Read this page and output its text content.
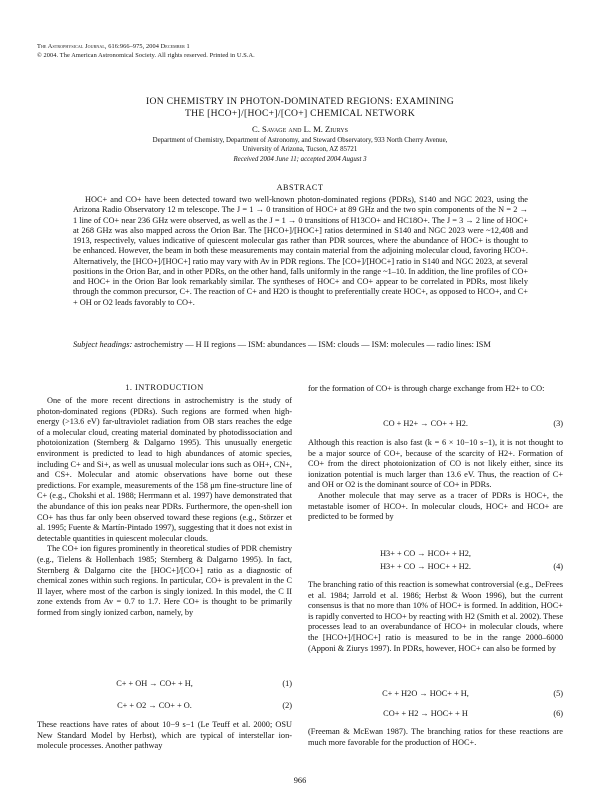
The Astrophysical Journal, 616:966–975, 2004 December 1
© 2004. The American Astronomical Society. All rights reserved. Printed in U.S.A.
ION CHEMISTRY IN PHOTON-DOMINATED REGIONS: EXAMINING
THE [HCO+]/[HOC+]/[CO+] CHEMICAL NETWORK
C. Savage and L. M. Ziurys
Department of Chemistry, Department of Astronomy, and Steward Observatory, 933 North Cherry Avenue,
University of Arizona, Tucson, AZ 85721
Received 2004 June 11; accepted 2004 August 3
ABSTRACT
HOC+ and CO+ have been detected toward two well-known photon-dominated regions (PDRs), S140 and NGC 2023, using the Arizona Radio Observatory 12 m telescope. The J = 1 → 0 transition of HOC+ at 89 GHz and the two spin components of the N = 2 → 1 line of CO+ near 236 GHz were observed, as well as the J = 1 → 0 transitions of H13CO+ and HC18O+. The J = 3 → 2 line of HOC+ at 268 GHz was also mapped across the Orion Bar. The [HCO+]/[HOC+] ratios determined in S140 and NGC 2023 were ~12,408 and 1913, respectively, values indicative of quiescent molecular gas rather than PDR sources, where the abundance of HOC+ is thought to be enhanced. However, the beam in both these measurements may contain material from the adjoining molecular cloud, favoring HCO+. Alternatively, the [HCO+]/[HOC+] ratio may vary with Av in PDR regions. The [CO+]/[HOC+] ratio in S140 and NGC 2023, at several positions in the Orion Bar, and in other PDRs, on the other hand, falls uniformly in the range ~1–10. In addition, the line profiles of CO+ and HOC+ in the Orion Bar look remarkably similar. The syntheses of HOC+ and CO+ appear to be correlated in PDRs, most likely through the common precursor, C+. The reaction of C+ and H2O is thought to preferentially create HOC+, as opposed to HCO+, and C+ + OH or O2 leads favorably to CO+.
Subject headings: astrochemistry — H II regions — ISM: abundances — ISM: clouds — ISM: molecules — radio lines: ISM
1. INTRODUCTION

One of the more recent directions in astrochemistry is the study of photon-dominated regions (PDRs). Such regions are formed when high-energy (>13.6 eV) far-ultraviolet radiation from OB stars reaches the edge of a molecular cloud, creating material dominated by photodissociation and photoionization (Sternberg & Dalgarno 1995). This unusually energetic environment is predicted to lead to high abundances of atomic species, including C+ and Si+, as well as unusual molecular ions such as OH+, CN+, and CS+. Molecular and atomic observations have borne out these predictions. For example, measurements of the 158 μm fine-structure line of C+ (e.g., Chokshi et al. 1988; Herrmann et al. 1997) have demonstrated that the abundance of this ion peaks near PDRs. Furthermore, the open-shell ion CO+ has thus far only been observed toward these regions (e.g., Störzer et al. 1995; Fuente & Martín-Pintado 1997), suggesting that it does not exist in detectable quantities in quiescent molecular clouds.

The CO+ ion figures prominently in theoretical studies of PDR chemistry (e.g., Tielens & Hollenbach 1985; Sternberg & Dalgarno 1995). In fact, Sternberg & Dalgarno cite the [HOC+]/[CO+] ratio as a diagnostic of chemical zones within such regions. In particular, CO+ is prevalent in the C II layer, where most of the carbon is singly ionized. In this model, the C II zone extends from Av = 0.7 to 1.7. Here CO+ is thought to be primarily formed from singly ionized carbon, namely, by

C+ + OH → CO+ + H,	(1)
C+ + O2 → CO+ + O.	(2)

These reactions have rates of about 10−9 s−1 (Le Teuff et al. 2000; OSU New Standard Model by Herbst), which are typical of interstellar ion-molecule processes. Another pathway

for the formation of CO+ is through charge exchange from H2+ to CO:

CO + H2+ → CO+ + H2.	(3)

Although this reaction is also fast (k = 6 × 10−10 s−1), it is not thought to be a major source of CO+, because of the scarcity of H2+. Formation of CO+ from the direct photoionization of CO is not likely either, since its ionization potential is much larger than 13.6 eV. Thus, the reaction of C+ and OH or O2 is the dominant source of CO+ in PDRs.

Another molecule that may serve as a tracer of PDRs is HOC+, the metastable isomer of HCO+. In molecular clouds, HOC+ and HCO+ are predicted to be formed by

H3+ + CO → HCO+ + H2,
H3+ + CO → HOC+ + H2.	(4)

The branching ratio of this reaction is somewhat controversial (e.g., DeFrees et al. 1984; Jarrold et al. 1986; Herbst & Woon 1996), but the current consensus is that no more than 10% of HOC+ is formed. In addition, HOC+ is rapidly converted to HCO+ by reacting with H2 (Smith et al. 2002). These processes lead to an overabundance of HCO+ in molecular clouds, where the [HCO+]/[HOC+] ratio is measured to be in the range 2000–6000 (Apponi & Ziurys 1997). In PDRs, however, HOC+ can also be formed by

C+ + H2O → HOC+ + H,	(5)
CO+ + H2 → HOC+ + H	(6)

(Freeman & McEwan 1987). The branching ratios for these reactions are much more favorable for the production of HOC+.

966
